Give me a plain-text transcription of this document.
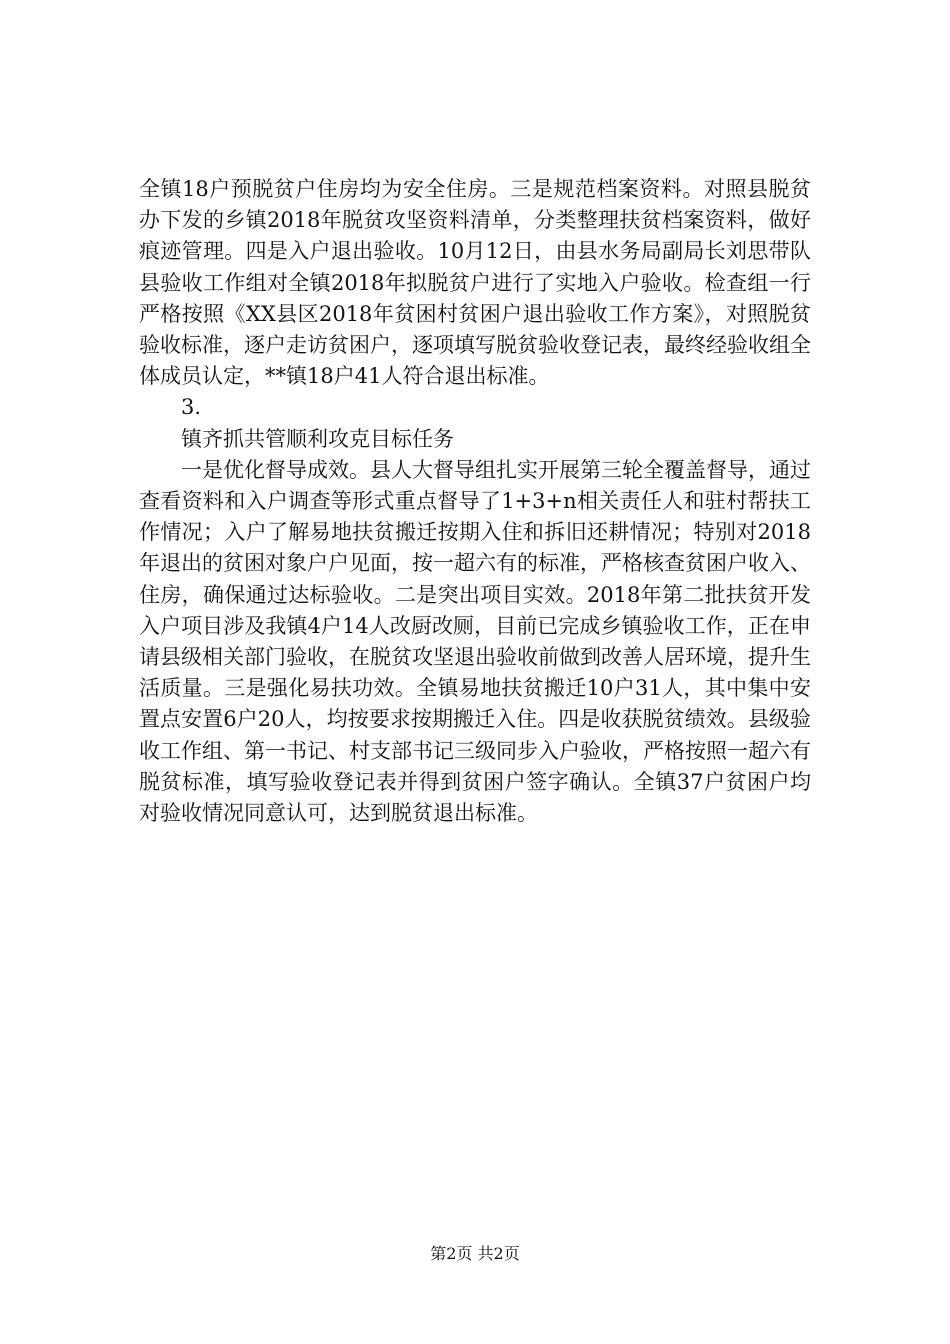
全镇18户预脱贫户住房均为安全住房。三是规范档案资料。对照县脱贫办下发的乡镇2018年脱贫攻坚资料清单，分类整理扶贫档案资料，做好痕迹管理。四是入户退出验收。10月12日，由县水务局副局长刘思带队县验收工作组对全镇2018年拟脱贫户进行了实地入户验收。检查组一行严格按照《XX县区2018年贫困村贫困户退出验收工作方案》，对照脱贫验收标准，逐户走访贫困户，逐项填写脱贫验收登记表，最终经验收组全体成员认定，**镇18户41人符合退出标准。

3.

镇齐抓共管顺利攻克目标任务

一是优化督导成效。县人大督导组扎实开展第三轮全覆盖督导，通过查看资料和入户调查等形式重点督导了1+3+n相关责任人和驻村帮扶工作情况；入户了解易地扶贫搬迁按期入住和拆旧还耕情况；特别对2018年退出的贫困对象户户见面，按一超六有的标准，严格核查贫困户收入、住房，确保通过达标验收。二是突出项目实效。2018年第二批扶贫开发入户项目涉及我镇4户14人改厨改厕，目前已完成乡镇验收工作，正在申请县级相关部门验收，在脱贫攻坚退出验收前做到改善人居环境，提升生活质量。三是强化易扶功效。全镇易地扶贫搬迁10户31人，其中集中安置点安置6户20人，均按要求按期搬迁入住。四是收获脱贫绩效。县级验收工作组、第一书记、村支部书记三级同步入户验收，严格按照一超六有脱贫标准，填写验收登记表并得到贫困户签字确认。全镇37户贫困户均对验收情况同意认可，达到脱贫退出标准。

第2页 共2页
